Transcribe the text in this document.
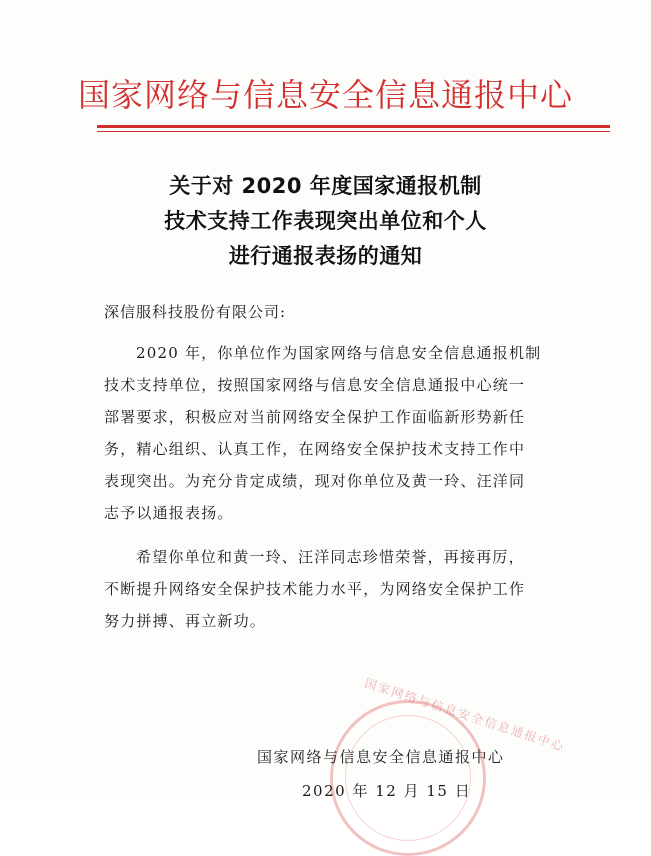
国家网络与信息安全信息通报中心
关于对 2020 年度国家通报机制
技术支持工作表现突出单位和个人
进行通报表扬的通知
深信服科技股份有限公司:
2020 年，你单位作为国家网络与信息安全信息通报机制
技术支持单位，按照国家网络与信息安全信息通报中心统一
部署要求，积极应对当前网络安全保护工作面临新形势新任
务，精心组织、认真工作，在网络安全保护技术支持工作中
表现突出。为充分肯定成绩，现对你单位及黄一玲、汪洋同
志予以通报表扬。
希望你单位和黄一玲、汪洋同志珍惜荣誉，再接再厉，
不断提升网络安全保护技术能力水平，为网络安全保护工作
努力拼搏、再立新功。
国家网络与信息安全信息通报中心
国家网络与信息安全信息通报中心
2020 年 12 月 15 日
